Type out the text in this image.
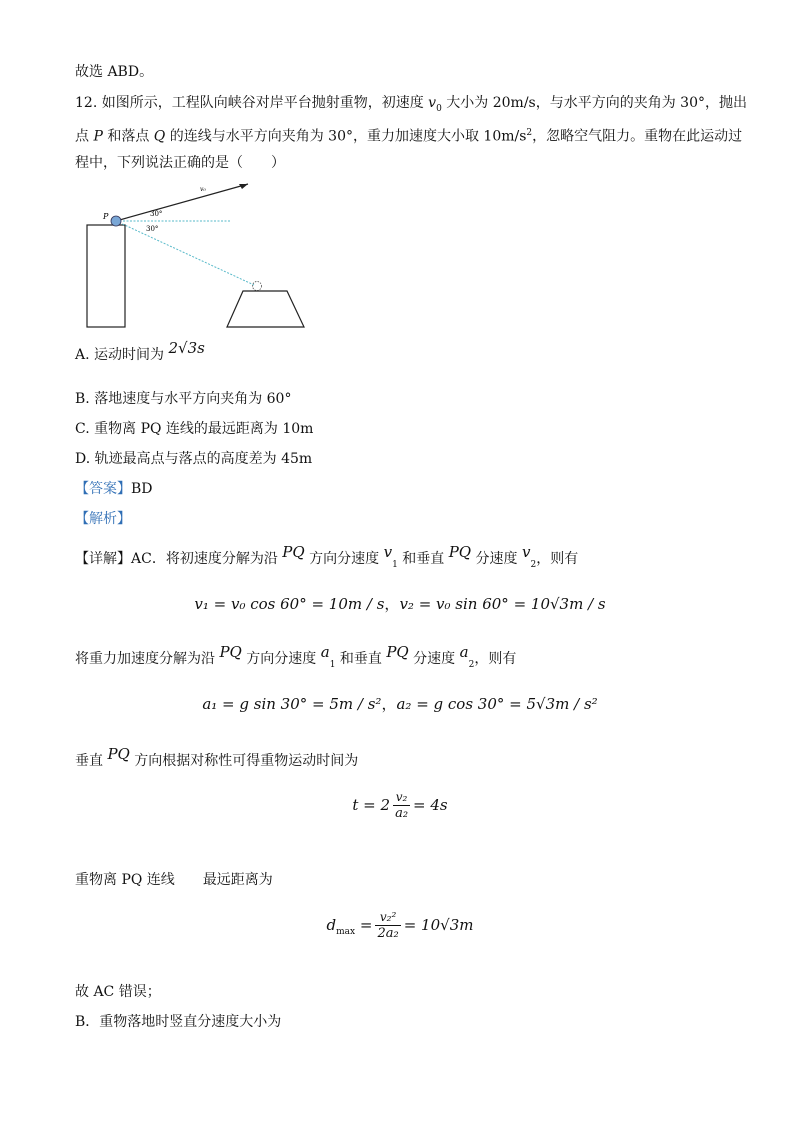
故选 ABD。
12. 如图所示，工程队向峡谷对岸平台抛射重物，初速度 $v_0$ 大小为 20m/s，与水平方向的夹角为 30°，抛出
点 P 和落点 Q 的连线与水平方向夹角为 30°，重力加速度大小取 $10m/s^2$，忽略空气阻力。重物在此运动过
程中，下列说法正确的是（　　）
P
v₀
30°
30°
A. 运动时间为 2√3s
B. 落地速度与水平方向夹角为 60°
C. 重物离 PQ 连线的最远距离为 10m
D. 轨迹最高点与落点的高度差为 45m
【答案】BD
【解析】
【详解】AC．将初速度分解为沿 PQ 方向分速度 $v_1$ 和垂直 PQ 分速度 $v_2$，则有
v₁ = v₀ cos 60° = 10m / s，v₂ = v₀ sin 60° = 10√3m / s
将重力加速度分解为沿 PQ 方向分速度 $a_1$ 和垂直 PQ 分速度 $a_2$，则有
a₁ = g sin 30° = 5m / s²，a₂ = g cos 30° = 5√3m / s²
垂直 PQ 方向根据对称性可得重物运动时间为
$t = 2 \frac{\text{v₂}}{\text{a₂}} = 4s$
重物离 PQ 连线 最远距离为
$d_{max} = \frac{\text{v₂²}}{\text{2a₂}} = 10√3m$
故 AC 错误；
B．重物落地时竖直分速度大小为
